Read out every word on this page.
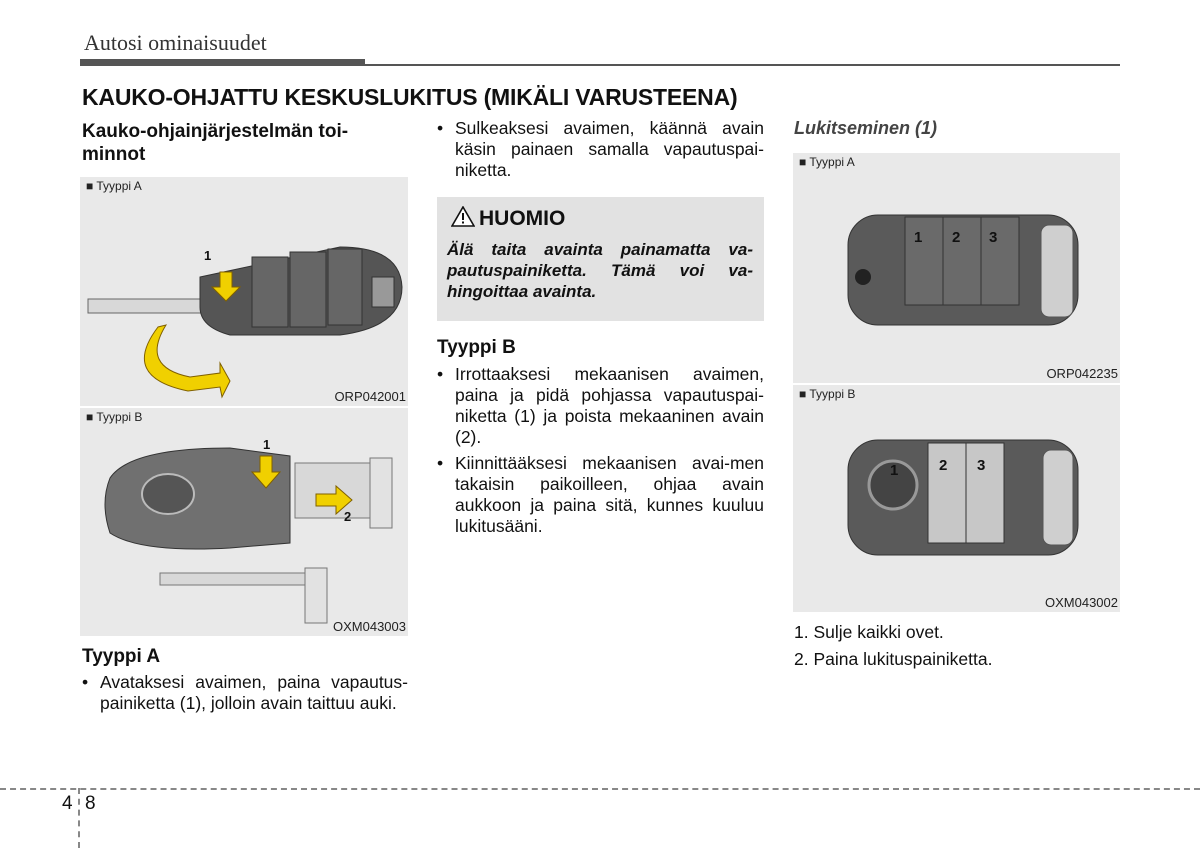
Autosi ominaisuudet
KAUKO-OHJATTU KESKUSLUKITUS (MIKÄLI VARUSTEENA)
Kauko-ohjainjärjestelmän toi-
minnot
■ Tyyppi A
1
ORP042001
■ Tyyppi B
1
2
OXM043003
Tyyppi A
• Avataksesi avaimen, paina vapautus-painiketta (1), jolloin avain taittuu auki.
• Sulkeaksesi avaimen, käännä avain käsin painaen samalla vapautuspai-niketta.
HUOMIO
Älä taita avainta painamatta va-pautuspainiketta. Tämä voi va-hingoittaa avainta.
Tyyppi B
• Irrottaaksesi mekaanisen avaimen, paina ja pidä pohjassa vapautuspai-niketta (1) ja poista mekaaninen avain (2).
• Kiinnittääksesi mekaanisen avai-men takaisin paikoilleen, ohjaa avain aukkoon ja paina sitä, kunnes kuuluu lukitusääni.
Lukitseminen (1)
■ Tyyppi A
1 2 3
ORP042235
■ Tyyppi B
1	2 3
OXM043002
1. Sulje kaikki ovet.
2. Paina lukituspainiketta.
4 8
